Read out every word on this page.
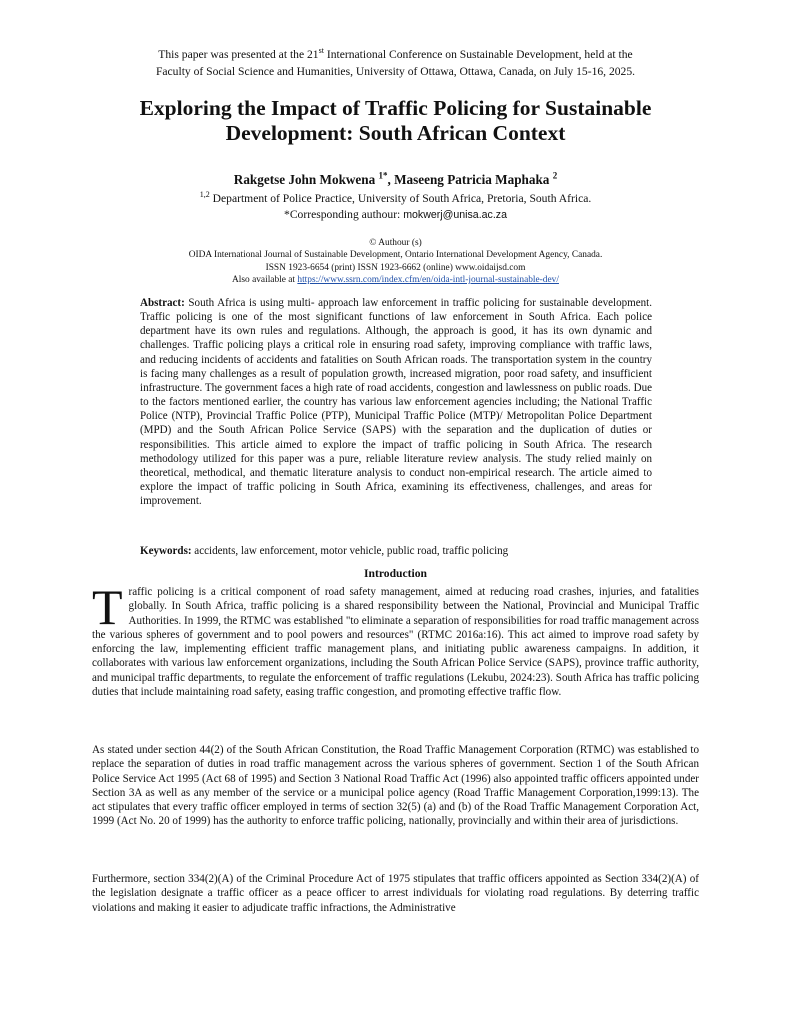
This paper was presented at the 21st International Conference on Sustainable Development, held at the
Faculty of Social Science and Humanities, University of Ottawa, Ottawa, Canada, on July 15-16, 2025.
Exploring the Impact of Traffic Policing for Sustainable
Development: South African Context
Rakgetse John Mokwena $^{1*}$, Maseeng Patricia Maphaka $^2$
$^{1,2}$ Department of Police Practice, University of South Africa, Pretoria, South Africa.
*Corresponding authour: mokwerj@unisa.ac.za
© Authour (s)
OIDA International Journal of Sustainable Development, Ontario International Development Agency, Canada.
ISSN 1923-6654 (print) ISSN 1923-6662 (online) www.oidaijsd.com
Also available at https://www.ssrn.com/index.cfm/en/oida-intl-journal-sustainable-dev/

Abstract: South Africa is using multi- approach law enforcement in traffic policing for sustainable development. Traffic policing is one of the most significant functions of law enforcement in South Africa. Each police department have its own rules and regulations. Although, the approach is good, it has its own dynamic and challenges. Traffic policing plays a critical role in ensuring road safety, improving compliance with traffic laws, and reducing incidents of accidents and fatalities on South African roads. The transportation system in the country is facing many challenges as a result of population growth, increased migration, poor road safety, and insufficient infrastructure. The government faces a high rate of road accidents, congestion and lawlessness on public roads. Due to the factors mentioned earlier, the country has various law enforcement agencies including; the National Traffic Police (NTP), Provincial Traffic Police (PTP), Municipal Traffic Police (MTP)/ Metropolitan Police Department (MPD) and the South African Police Service (SAPS) with the separation and the duplication of duties or responsibilities. This article aimed to explore the impact of traffic policing in South Africa. The research methodology utilized for this paper was a pure, reliable literature review analysis. The study relied mainly on theoretical, methodical, and thematic literature analysis to conduct non-empirical research. The article aimed to explore the impact of traffic policing in South Africa, examining its effectiveness, challenges, and areas for improvement.

Keywords: accidents, law enforcement, motor vehicle, public road, traffic policing
Introduction

Traffic policing is a critical component of road safety management, aimed at reducing road crashes, injuries, and fatalities globally. In South Africa, traffic policing is a shared responsibility between the National, Provincial and Municipal Traffic Authorities. In 1999, the RTMC was established "to eliminate a separation of responsibilities for road traffic management across the various spheres of government and to pool powers and resources" (RTMC 2016a:16). This act aimed to improve road safety by enforcing the law, implementing efficient traffic management plans, and initiating public awareness campaigns. In addition, it collaborates with various law enforcement organizations, including the South African Police Service (SAPS), province traffic authority, and municipal traffic departments, to regulate the enforcement of traffic regulations (Lekubu, 2024:23). South Africa has traffic policing duties that include maintaining road safety, easing traffic congestion, and promoting effective traffic flow.

As stated under section 44(2) of the South African Constitution, the Road Traffic Management Corporation (RTMC) was established to replace the separation of duties in road traffic management across the various spheres of government. Section 1 of the South African Police Service Act 1995 (Act 68 of 1995) and Section 3 National Road Traffic Act (1996) also appointed traffic officers appointed under Section 3A as well as any member of the service or a municipal police agency (Road Traffic Management Corporation,1999:13). The act stipulates that every traffic officer employed in terms of section 32(5) (a) and (b) of the Road Traffic Management Corporation Act, 1999 (Act No. 20 of 1999) has the authority to enforce traffic policing, nationally, provincially and within their area of jurisdictions.

Furthermore, section 334(2)(A) of the Criminal Procedure Act of 1975 stipulates that traffic officers appointed as Section 334(2)(A) of the legislation designate a traffic officer as a peace officer to arrest individuals for violating road regulations. By deterring traffic violations and making it easier to adjudicate traffic infractions, the Administrative
